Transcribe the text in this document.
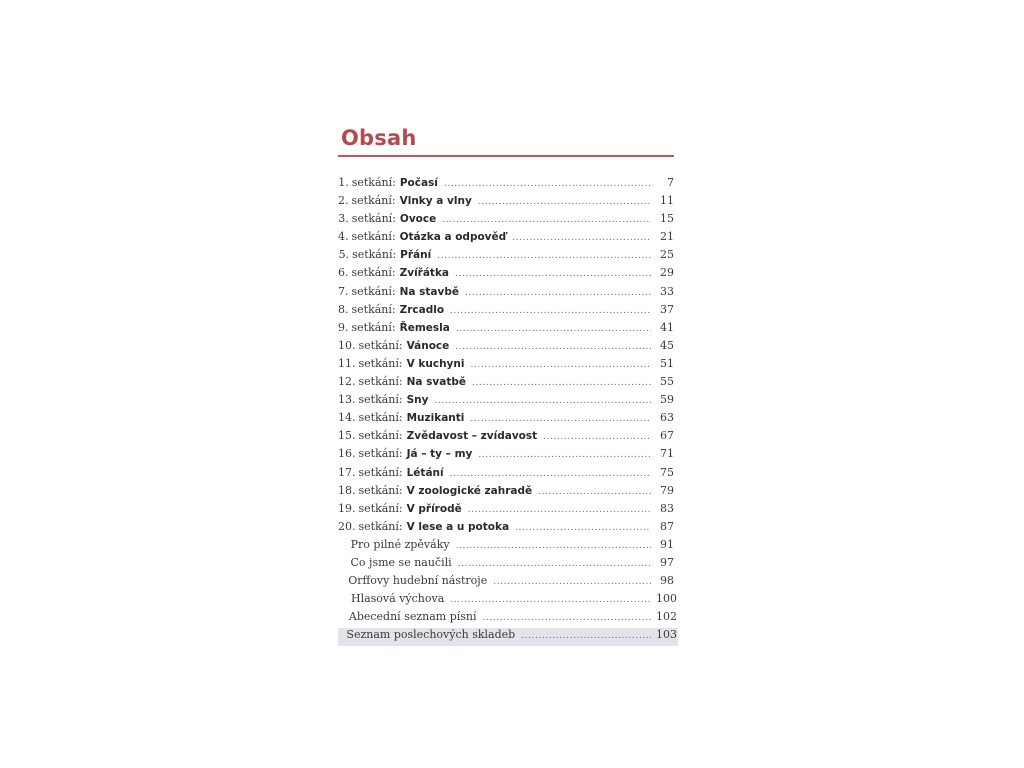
Obsah
1. setkání: Počasí .....	7
2. setkání: Vlnky a vlny .....	11
3. setkání: Ovoce .....	15
4. setkání: Otázka a odpověď .....	21
5. setkání: Přání .....	25
6. setkání: Zvířátka .....	29
7. setkání: Na stavbě .....	33
8. setkání: Zrcadlo .....	37
9. setkání: Řemesla .....	41
10. setkání: Vánoce .....	45
11. setkání: V kuchyni .....	51
12. setkání: Na svatbě .....	55
13. setkání: Sny .....	59
14. setkání: Muzikanti .....	63
15. setkání: Zvědavost – zvídavost .....	67
16. setkání: Já – ty – my .....	71
17. setkání: Létání .....	75
18. setkání: V zoologické zahradě .....	79
19. setkání: V přírodě .....	83
20. setkání: V lese a u potoka .....	87
Pro pilné zpěváky .....	91
Co jsme se naučili .....	97
Orffovy hudební nástroje .....	98
Hlasová výchova .....	100
Abecední seznam písní .....	102
Seznam poslechových skladeb .....	103
